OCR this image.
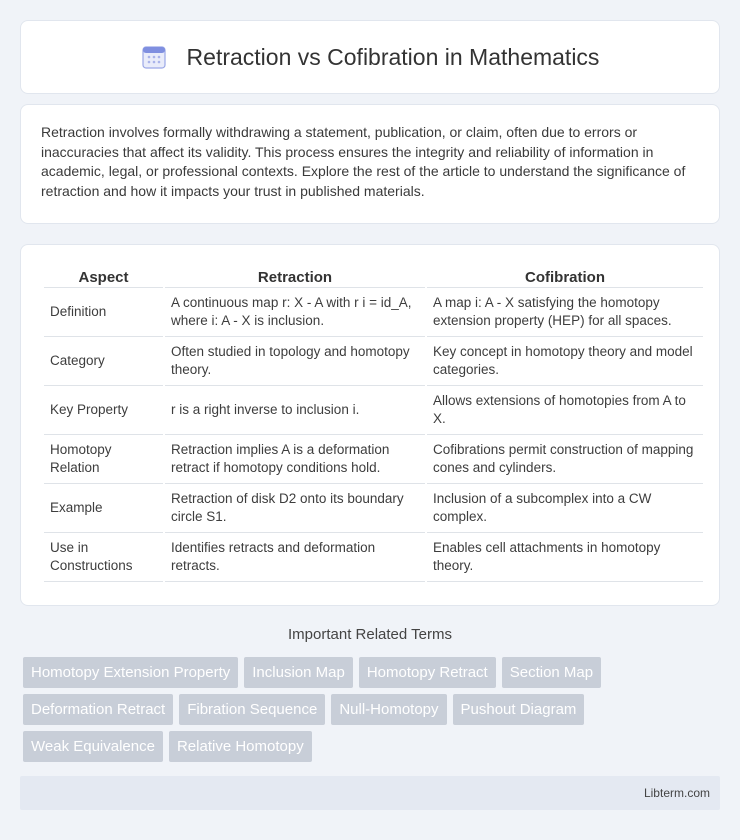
Retraction vs Cofibration in Mathematics

Retraction involves formally withdrawing a statement, publication, or claim, often due to errors or inaccuracies that affect its validity. This process ensures the integrity and reliability of information in academic, legal, or professional contexts. Explore the rest of the article to understand the significance of retraction and how it impacts your trust in published materials.

Aspect	Retraction	Cofibration
Definition	A continuous map r: X - A with r i = id_A, where i: A - X is inclusion.	A map i: A - X satisfying the homotopy extension property (HEP) for all spaces.
Category	Often studied in topology and homotopy theory.	Key concept in homotopy theory and model categories.
Key Property	r is a right inverse to inclusion i.	Allows extensions of homotopies from A to X.
Homotopy Relation	Retraction implies A is a deformation retract if homotopy conditions hold.	Cofibrations permit construction of mapping cones and cylinders.
Example	Retraction of disk D2 onto its boundary circle S1.	Inclusion of a subcomplex into a CW complex.
Use in Constructions	Identifies retracts and deformation retracts.	Enables cell attachments in homotopy theory.
Important Related Terms
Homotopy Extension Property	Inclusion Map	Homotopy Retract	Section Map
Deformation Retract	Fibration Sequence	Null-Homotopy	Pushout Diagram
Weak Equivalence	Relative Homotopy
Libterm.com
